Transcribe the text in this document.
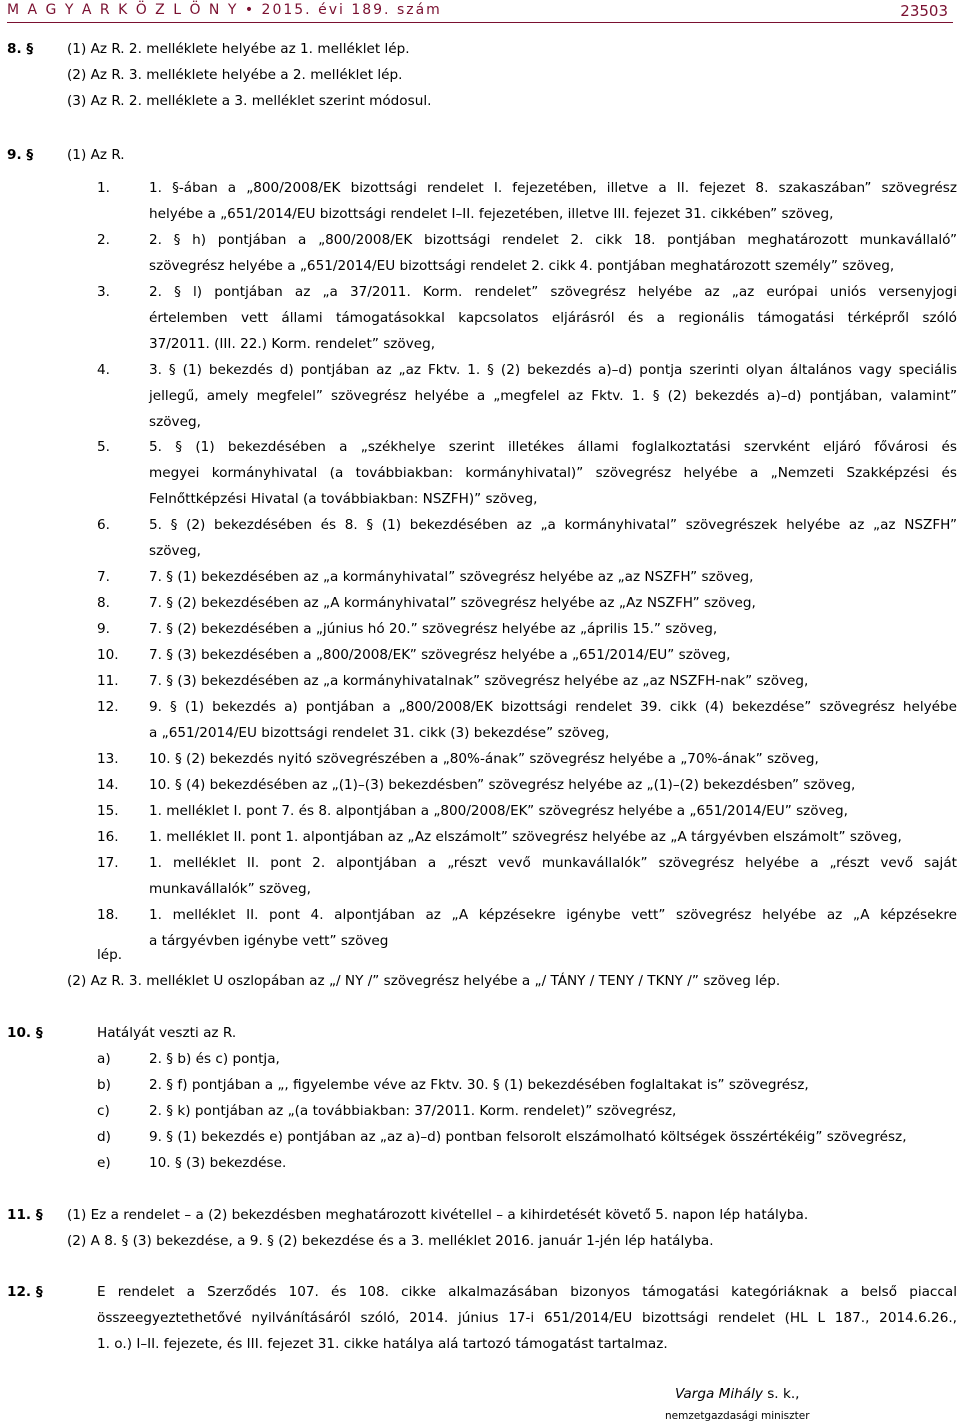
M A G Y A R K Ö Z L Ö N Y • 2015. évi 189. szám	23503
8. § (1) Az R. 2. melléklete helyébe az 1. melléklet lép.
(2) Az R. 3. melléklete helyébe a 2. melléklet lép.
(3) Az R. 2. melléklete a 3. melléklet szerint módosul.
9. § (1) Az R.
1.	1. §-ában a „800/2008/EK bizottsági rendelet I. fejezetében, illetve a II. fejezet 8. szakaszában” szövegrész
helyébe a „651/2014/EU bizottsági rendelet I–II. fejezetében, illetve III. fejezet 31. cikkében” szöveg,
2.	2. § h) pontjában a „800/2008/EK bizottsági rendelet 2. cikk 18. pontjában meghatározott munkavállaló”
szövegrész helyébe a „651/2014/EU bizottsági rendelet 2. cikk 4. pontjában meghatározott személy” szöveg,
3.	2. § l) pontjában az „a 37/2011. Korm. rendelet” szövegrész helyébe az „az európai uniós versenyjogi
értelemben vett állami támogatásokkal kapcsolatos eljárásról és a regionális támogatási térképről szóló
37/2011. (III. 22.) Korm. rendelet” szöveg,
4.	3. § (1) bekezdés d) pontjában az „az Fktv. 1. § (2) bekezdés a)–d) pontja szerinti olyan általános vagy speciális
jellegű, amely megfelel” szövegrész helyébe a „megfelel az Fktv. 1. § (2) bekezdés a)–d) pontjában, valamint”
szöveg,
5.	5. § (1) bekezdésében a „székhelye szerint illetékes állami foglalkoztatási szervként eljáró fővárosi és
megyei kormányhivatal (a továbbiakban: kormányhivatal)” szövegrész helyébe a „Nemzeti Szakképzési és
Felnőttképzési Hivatal (a továbbiakban: NSZFH)” szöveg,
6.	5. § (2) bekezdésében és 8. § (1) bekezdésében az „a kormányhivatal” szövegrészek helyébe az „az NSZFH”
szöveg,
7.	7. § (1) bekezdésében az „a kormányhivatal” szövegrész helyébe az „az NSZFH” szöveg,
8.	7. § (2) bekezdésében az „A kormányhivatal” szövegrész helyébe az „Az NSZFH” szöveg,
9.	7. § (2) bekezdésében a „június hó 20.” szövegrész helyébe az „április 15.” szöveg,
10. 7. § (3) bekezdésében a „800/2008/EK” szövegrész helyébe a „651/2014/EU” szöveg,
11. 7. § (3) bekezdésében az „a kormányhivatalnak” szövegrész helyébe az „az NSZFH-nak” szöveg,
12. 9. § (1) bekezdés a) pontjában a „800/2008/EK bizottsági rendelet 39. cikk (4) bekezdése” szövegrész helyébe
a „651/2014/EU bizottsági rendelet 31. cikk (3) bekezdése” szöveg,
13. 10. § (2) bekezdés nyitó szövegrészében a „80%-ának” szövegrész helyébe a „70%-ának” szöveg,
14. 10. § (4) bekezdésében az „(1)–(3) bekezdésben” szövegrész helyébe az „(1)–(2) bekezdésben” szöveg,
15. 1. melléklet I. pont 7. és 8. alpontjában a „800/2008/EK” szövegrész helyébe a „651/2014/EU” szöveg,
16. 1. melléklet II. pont 1. alpontjában az „Az elszámolt” szövegrész helyébe az „A tárgyévben elszámolt” szöveg,
17. 1. melléklet II. pont 2. alpontjában a „részt vevő munkavállalók” szövegrész helyébe a „részt vevő saját
munkavállalók” szöveg,
18. 1. melléklet II. pont 4. alpontjában az „A képzésekre igénybe vett” szövegrész helyébe az „A képzésekre
a tárgyévben igénybe vett” szöveg
lép.
(2) Az R. 3. melléklet U oszlopában az „/ NY /” szövegrész helyébe a „/ TÁNY / TENY / TKNY /” szöveg lép.
10. §	Hatályát veszti az R.
a)	2. § b) és c) pontja,
b)	2. § f) pontjában a „, figyelembe véve az Fktv. 30. § (1) bekezdésében foglaltakat is” szövegrész,
c)	2. § k) pontjában az „(a továbbiakban: 37/2011. Korm. rendelet)” szövegrész,
d)	9. § (1) bekezdés e) pontjában az „az a)–d) pontban felsorolt elszámolható költségek összértékéig” szövegrész,
e)	10. § (3) bekezdése.
11. § (1) Ez a rendelet – a (2) bekezdésben meghatározott kivétellel – a kihirdetését követő 5. napon lép hatályba.
(2) A 8. § (3) bekezdése, a 9. § (2) bekezdése és a 3. melléklet 2016. január 1-jén lép hatályba.
12. §	E rendelet a Szerződés 107. és 108. cikke alkalmazásában bizonyos támogatási kategóriáknak a belső piaccal
összeegyeztethetővé nyilvánításáról szóló, 2014. június 17-i 651/2014/EU bizottsági rendelet (HL L 187., 2014.6.26.,
1. o.) I–II. fejezete, és III. fejezet 31. cikke hatálya alá tartozó támogatást tartalmaz.
Varga Mihály s. k.,
nemzetgazdasági miniszter
